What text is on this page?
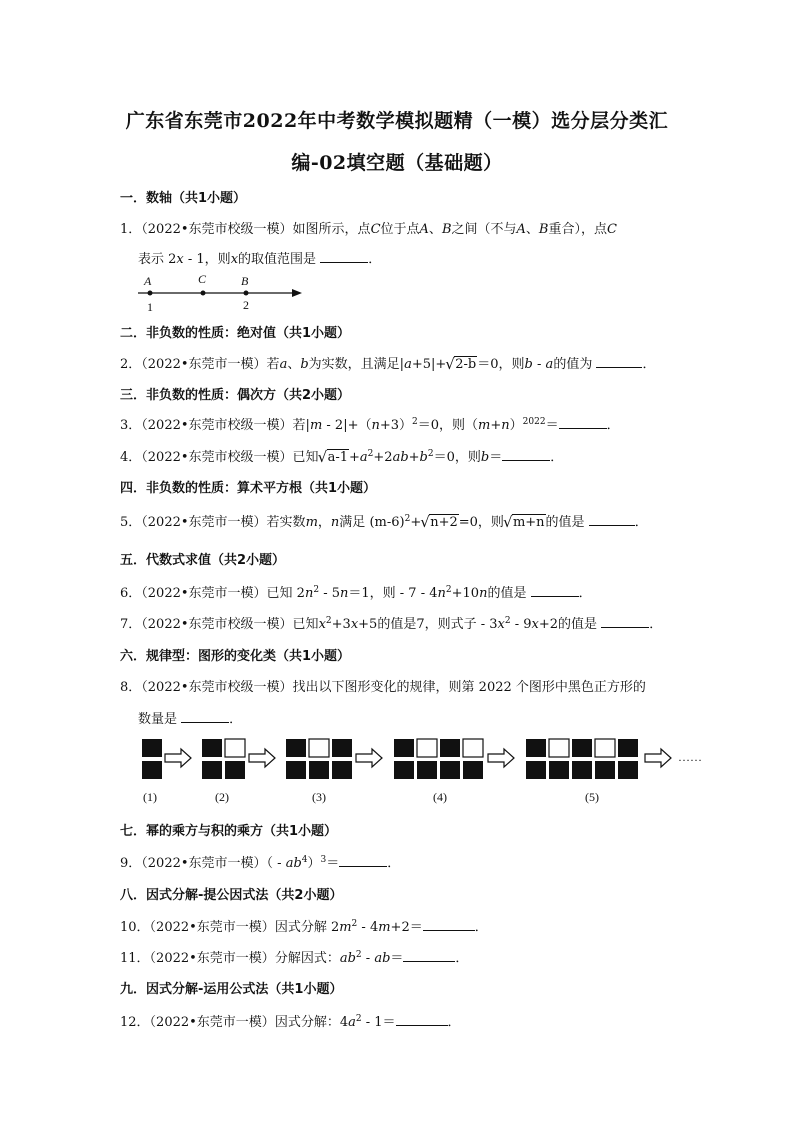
广东省东莞市2022年中考数学模拟题精（一模）选分层分类汇
编-02填空题（基础题）
一．数轴（共1小题）
1．（2022•东莞市校级一模）如图所示，点C位于点A、B之间（不与A、B重合），点C
表示 2x - 1，则x的取值范围是	．
A	C	B
1	2
二．非负数的性质：绝对值（共1小题）
2．（2022•东莞市一模）若a、b为实数，且满足|a+5|+√ 2-b＝0，则b - a的值为	．
三．非负数的性质：偶次方（共2小题）
3．（2022•东莞市校级一模）若$|m - 2|+(n+3)^2=0$，则$(m+n)^{2022}=$	．
4．（2022•东莞市校级一模）已知√ $a-1+a^2+2ab+b^2=0$，则b＝	．
四．非负数的性质：算术平方根（共1小题）
5．（2022•东莞市一模）若实数m，n满足 $(m-6)^2+√$ n+2=0，则√ m+n的值是	．
五．代数式求值（共2小题）
6．（2022•东莞市一模）已知 $2n^2 - 5n=1$，则 - $7 - 4n^2+10n$的值是	．
7．（2022•东莞市校级一模）已知$x^2+3x+5$的值是7，则式子 - $3x^2 - 9x+2$的值是	．
六．规律型：图形的变化类（共1小题）
8．（2022•东莞市校级一模）找出以下图形变化的规律，则第 2022 个图形中黑色正方形的
数量是	．
……
(1)	(2)	(3)	(4)	(5)
七．幂的乘方与积的乘方（共1小题）
9．（2022•东莞市一模）（ - $ab^4)^3=$	．
八．因式分解-提公因式法（共2小题）
10．（2022•东莞市一模）因式分解 $2m^2 - 4m+2=$	．
11．（2022•东莞市一模）分解因式：$ab^2 - ab=$	．
九．因式分解-运用公式法（共1小题）
12．（2022•东莞市一模）因式分解：$4a^2 - 1=$	．
